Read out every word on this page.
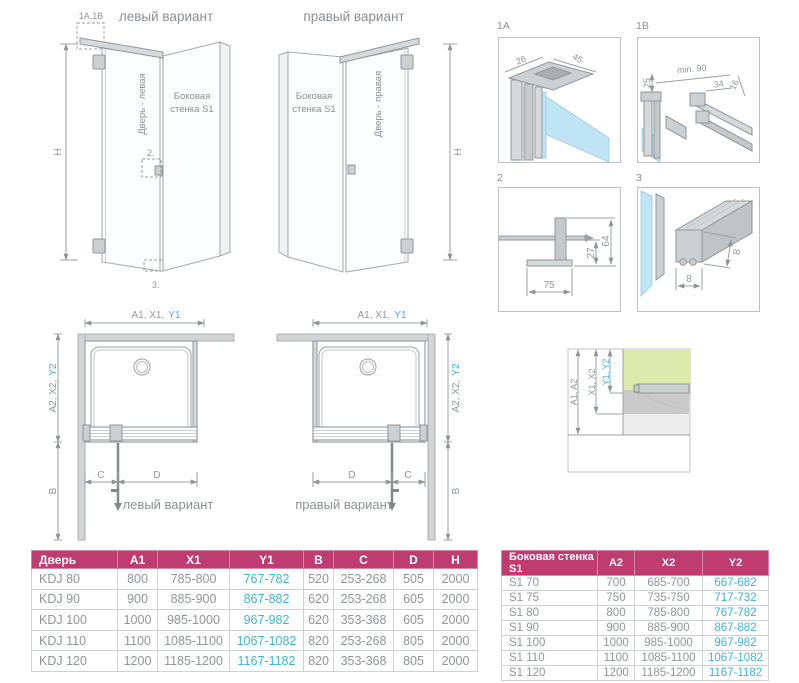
левый вариант
1A,1B
H	2.
3.
Боковая
стенка S1
Дверь - левая
правый вариант
H
Боковая
стенка S1	Дверь - правая
1A
26	45
1B
25
min. 90
34 16
2
75
27
64
3
8
8
A1, X1, Y1
C	D
A2, X2,Y2
B
левый вариант
A1, X1, Y1
D	C
A2, X2,Y2
B
правый вариант
A1, A2 X1, X2 Y1, Y2
Дверь	A1	X1	Y1	B	C	D	H
KDJ 80	800	785-800	767-782	520	253-268	505	2000
KDJ 90	900	885-900	867-882	620	253-268	605	2000
KDJ 100	1000	985-1000	967-982	620	353-368	605	2000
KDJ 110	1100	1085-1100	1067-1082	820	253-268	805	2000
KDJ 120	1200	1185-1200	1167-1182	820	353-368	805	2000
Боковая стенка S1	A2	X2	Y2
S1 70	700	685-700	667-682
S1 75	750	735-750	717-732
S1 80	800	785-800	767-782
S1 90	900	885-900	867-882
S1 100	1000	985-1000	967-982
S1 110	1100	1085-1100	1067-1082
S1 120	1200	1185-1200	1167-1182
